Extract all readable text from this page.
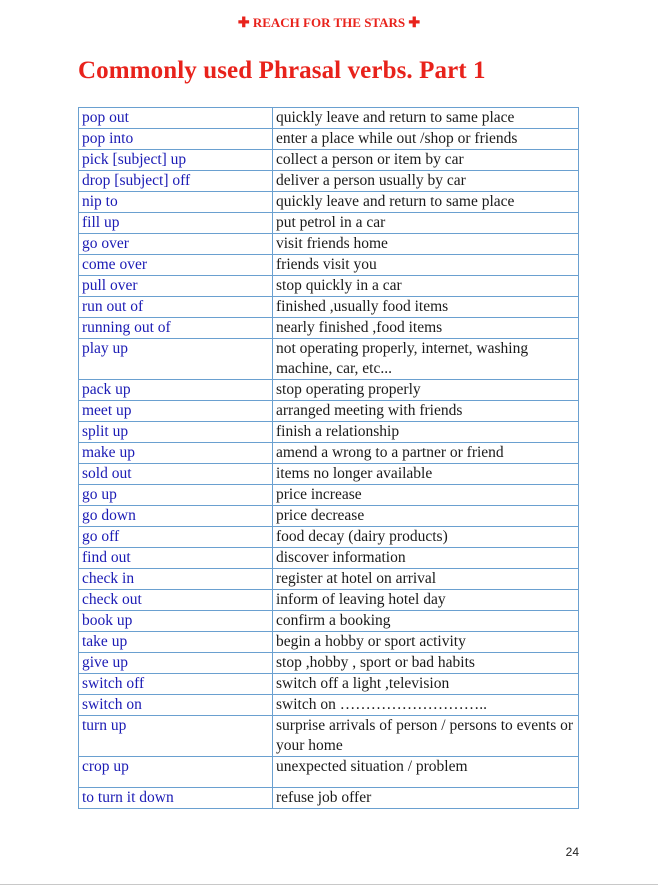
✚ REACH FOR THE STARS ✚
Commonly used Phrasal verbs. Part 1
pop out	quickly leave and return to same place
pop into	enter a place while out /shop or friends
pick [subject] up	collect a person or item by car
drop [subject] off	deliver a person usually by car
nip to	quickly leave and return to same place
fill up	put petrol in a car
go over	visit friends home
come over	friends visit you
pull over	stop quickly in a car
run out of	finished ,usually food items
running out of	nearly finished ,food items
play up	not operating properly, internet, washing machine, car, etc...
pack up	stop operating properly
meet up	arranged meeting with friends
split up	finish a relationship
make up	amend a wrong to a partner or friend
sold out	items no longer available
go up	price increase
go down	price decrease
go off	food decay (dairy products)
find out	discover information
check in	register at hotel on arrival
check out	inform of leaving hotel day
book up	confirm a booking
take up	begin a hobby or sport activity
give up	stop ,hobby , sport or bad habits
switch off	switch off a light ,television
switch on	switch on ………………………..
turn up	surprise arrivals of person / persons to events or your home
crop up	unexpected situation / problem
to turn it down	refuse job offer
24
